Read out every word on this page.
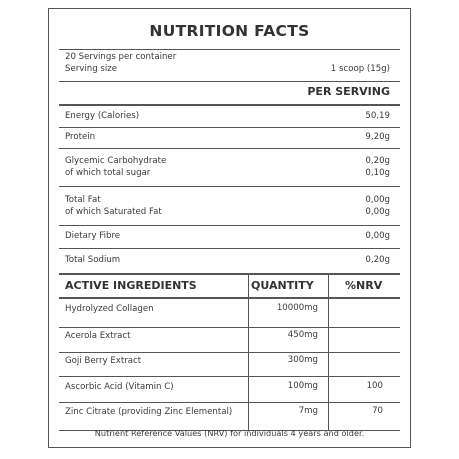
NUTRITION FACTS
20 Servings per container
Serving size	1 scoop (15g)
PER SERVING
Energy (Calories)	50,19
Protein	9,20g
Glycemic Carbohydrate	0,20g
of which total sugar	0,10g
Total Fat	0,00g
of which Saturated Fat	0,00g
Dietary Fibre	0,00g
Total Sodium	0,20g
ACTIVE INGREDIENTS	QUANTITY	%NRV
Hydrolyzed Collagen	10000mg
Acerola Extract	450mg
Goji Berry Extract	300mg
Ascorbic Acid (Vitamin C)	100mg	100
Zinc Citrate (providing Zinc Elemental)	7mg	70
Nutrient Reference Values (NRV) for individuals 4 years and older.
